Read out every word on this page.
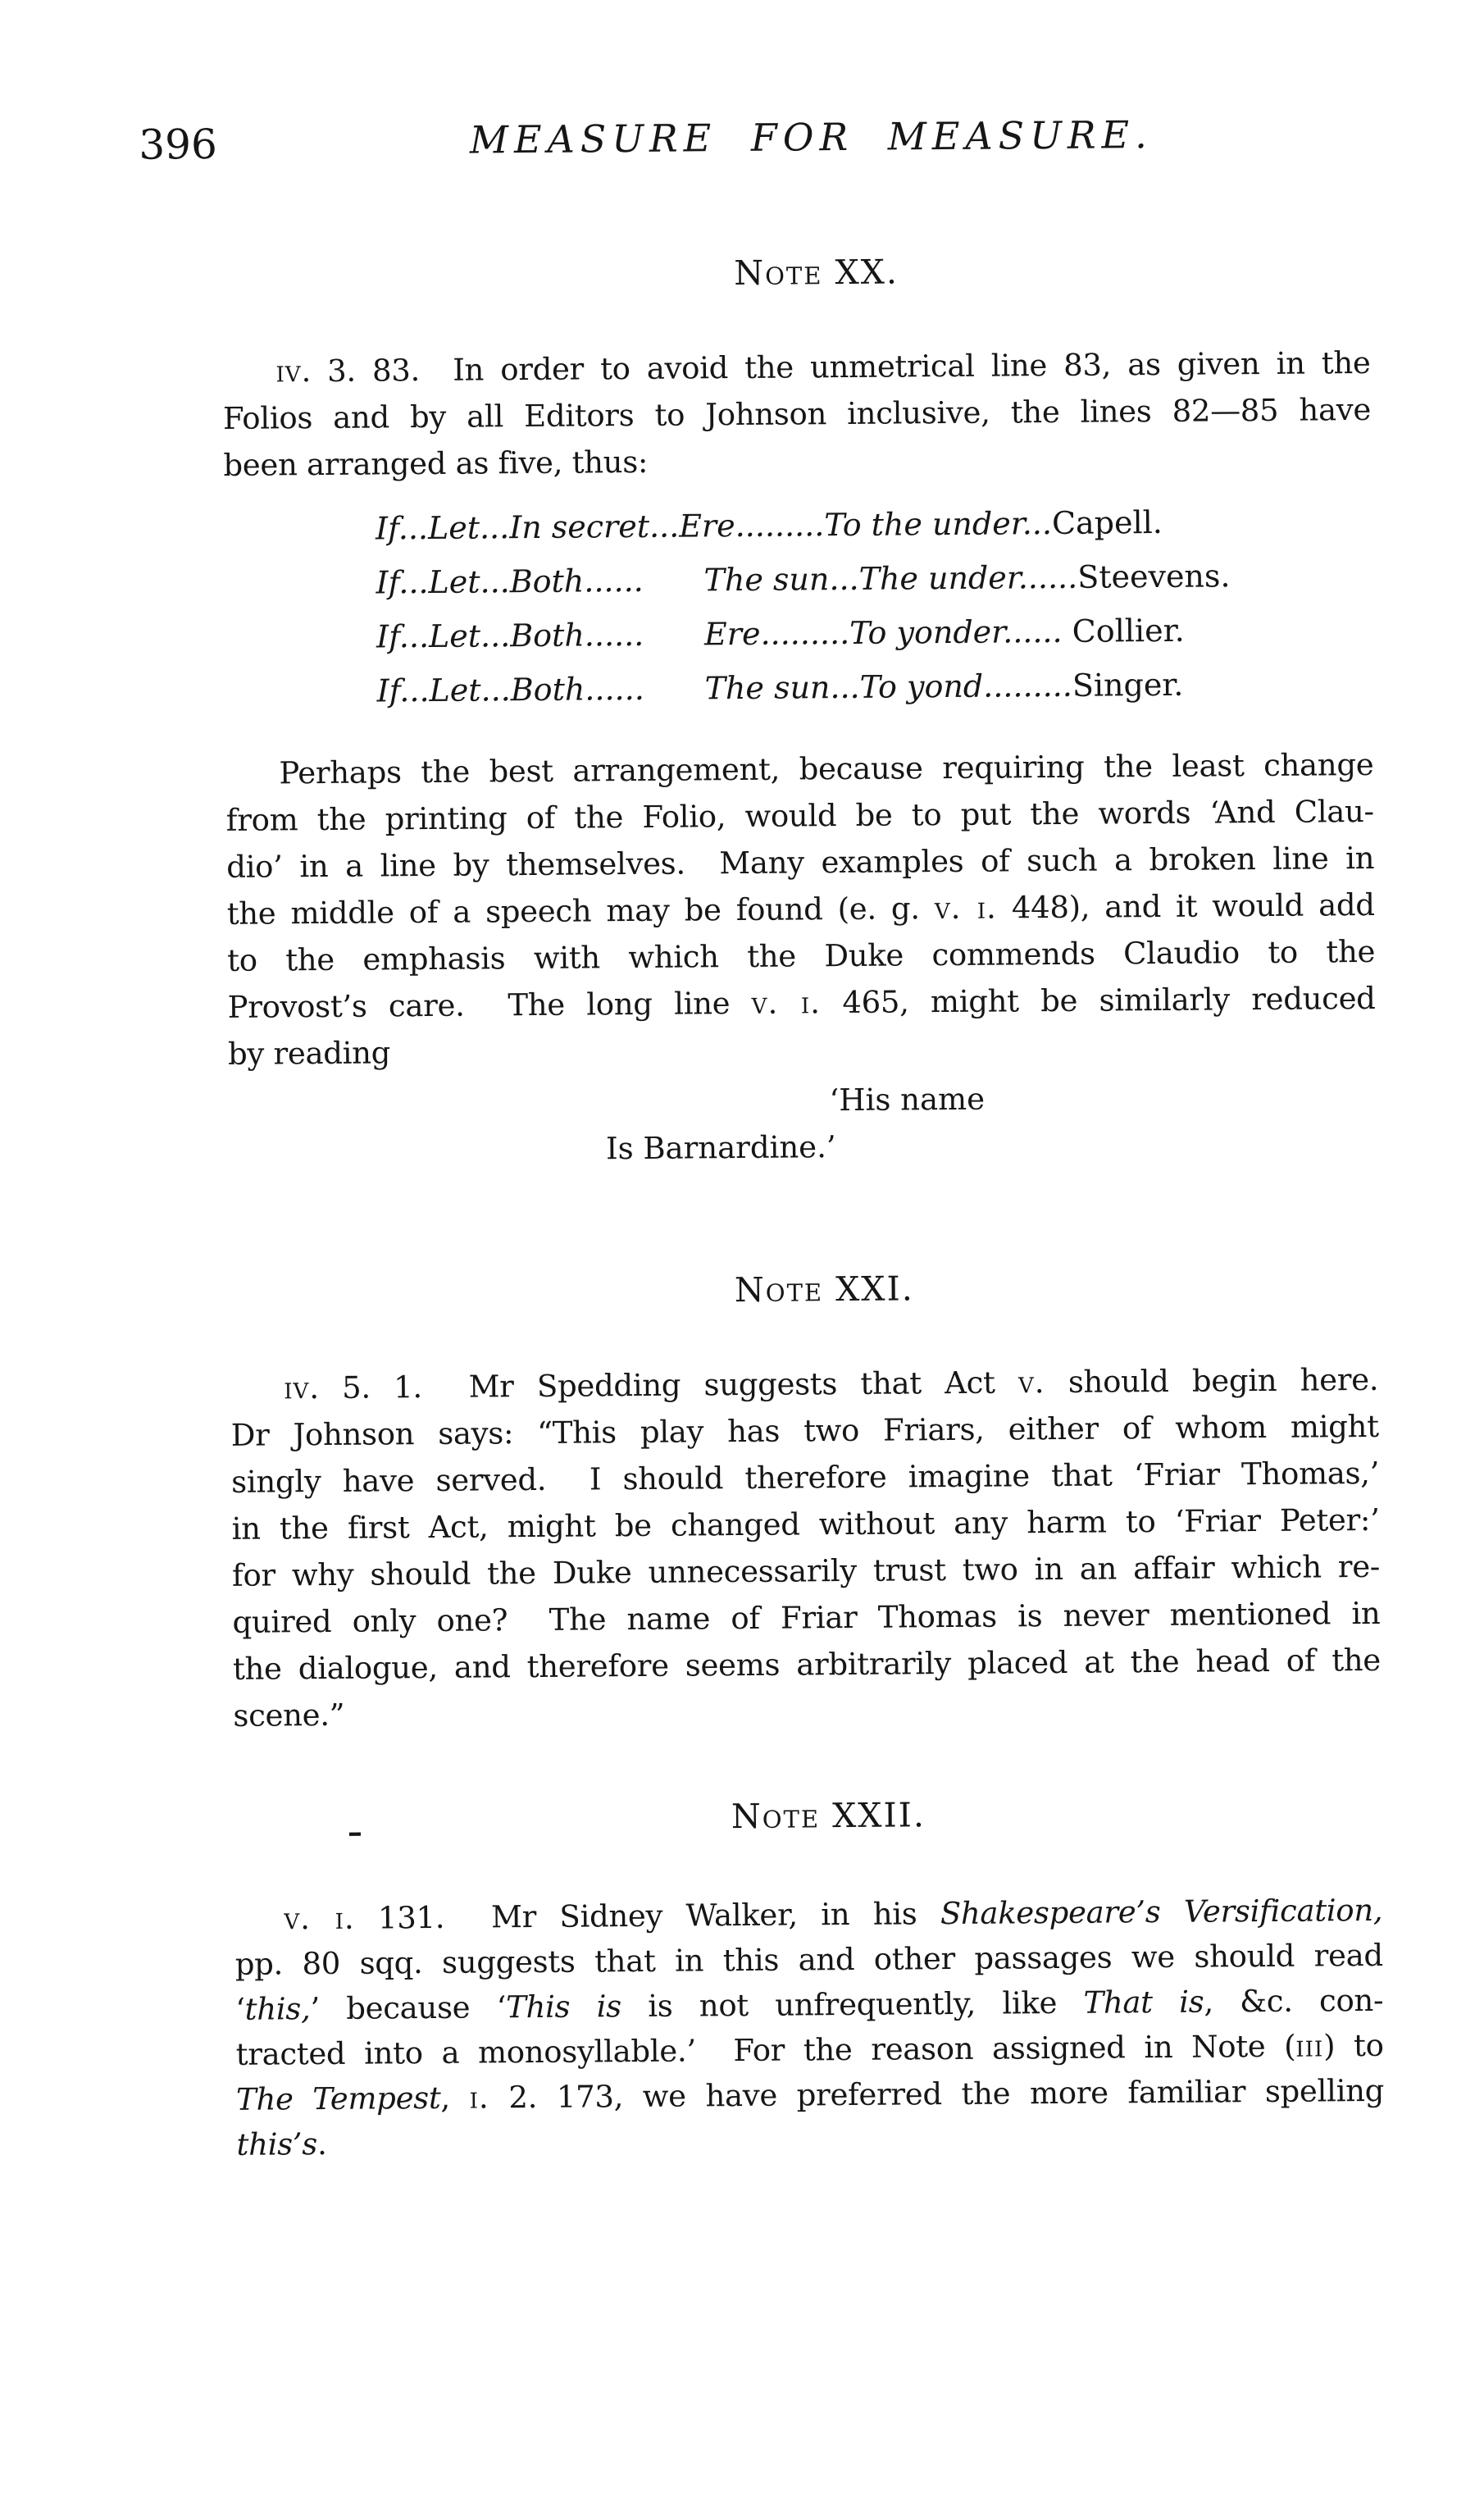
396	MEASURE FOR MEASURE.
Note XX.
iv. 3. 83.  In order to avoid the unmetrical line 83, as given in the
Folios and by all Editors to Johnson inclusive, the lines 82—85 have
been arranged as five, thus:
If...Let...In secret...Ere.........To the under...Capell.
If...Let...Both...... The sun...The under......Steevens.
If...Let...Both...... Ere.........To yonder...... Collier.
If...Let...Both...... The sun...To yond.........Singer.
Perhaps the best arrangement, because requiring the least change
from the printing of the Folio, would be to put the words ‘And Clau-
dio’ in a line by themselves.  Many examples of such a broken line in
the middle of a speech may be found (e. g. v. i. 448), and it would add
to the emphasis with which the Duke commends Claudio to the
Provost’s care.  The long line v. i. 465, might be similarly reduced
by reading
‘His name
Is Barnardine.’
Note XXI.
iv. 5. 1.  Mr Spedding suggests that Act v. should begin here.
Dr Johnson says: “This play has two Friars, either of whom might
singly have served.  I should therefore imagine that ‘Friar Thomas,’
in the first Act, might be changed without any harm to ‘Friar Peter:’
for why should the Duke unnecessarily trust two in an affair which re-
quired only one?  The name of Friar Thomas is never mentioned in
the dialogue, and therefore seems arbitrarily placed at the head of the
scene.”
Note XXII.
-
v. i. 131.  Mr Sidney Walker, in his Shakespeare’s Versification,
pp. 80 sqq. suggests that in this and other passages we should read
‘this,’ because ‘This is is not unfrequently, like That is, &c. con-
tracted into a monosyllable.’  For the reason assigned in Note (iii) to
The Tempest, i. 2. 173, we have preferred the more familiar spelling
this’s.
